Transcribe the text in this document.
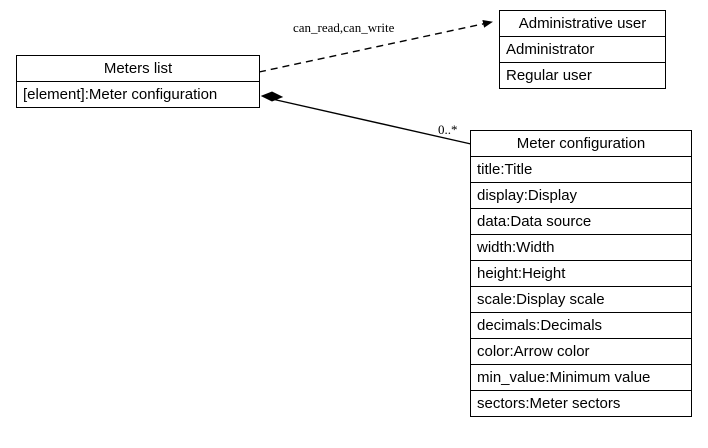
can_read,can_write
0..*
Meters list
[element]:Meter configuration
Administrative user
Administrator
Regular user
Meter configuration
title:Title
display:Display
data:Data source
width:Width
height:Height
scale:Display scale
decimals:Decimals
color:Arrow color
min_value:Minimum value
sectors:Meter sectors
